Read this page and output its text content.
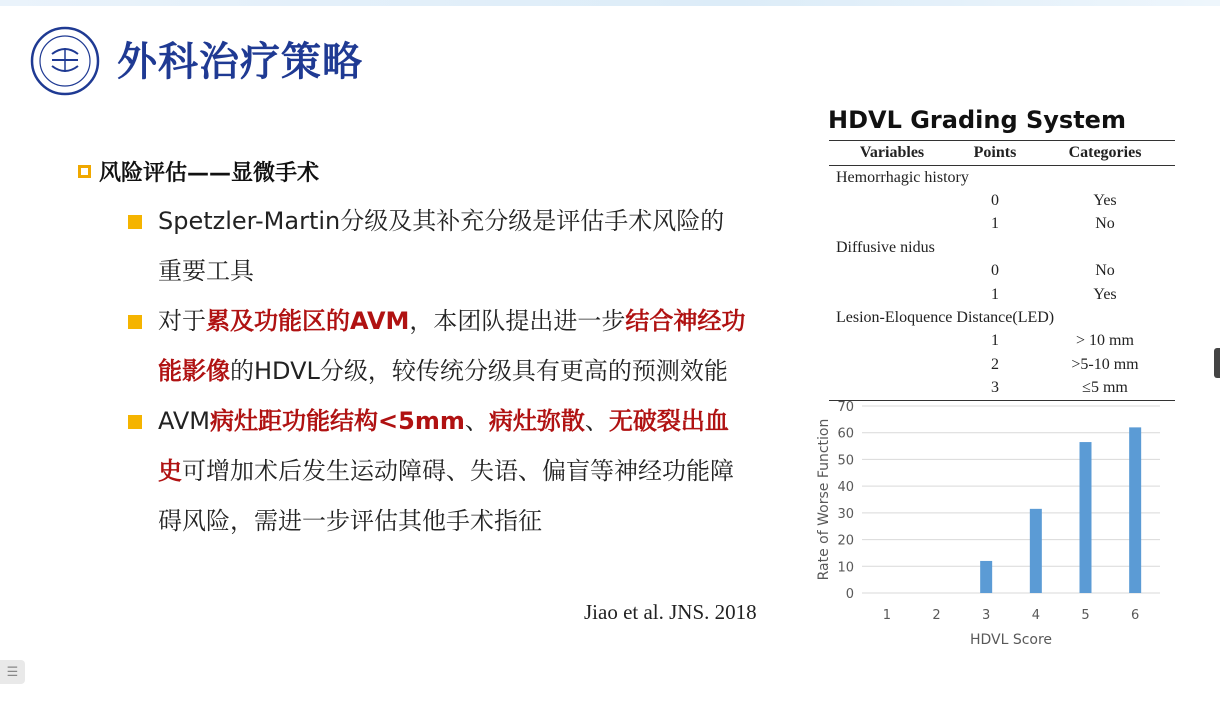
外科治疗策略
风险评估——显微手术
Spetzler-Martin分级及其补充分级是评估手术风险的重要工具
对于累及功能区的AVM，本团队提出进一步结合神经功能影像的HDVL分级，较传统分级具有更高的预测效能
AVM病灶距功能结构<5mm、病灶弥散、无破裂出血史可增加术后发生运动障碍、失语、偏盲等神经功能障碍风险，需进一步评估其他手术指征
Jiao et al. JNS. 2018
HDVL Grading System
Variables	Points	Categories
Hemorrhagic history		
	0	Yes
	1	No
Diffusive nidus		
	0	No
	1	Yes
Lesion-Eloquence Distance(LED)		
	1	> 10 mm
	2	>5-10 mm
	3	≤5 mm
0
10
20
30
40
50
60
70
1	2	3	4	5	6
HDVL Score
Rate of Worse Function
☰
